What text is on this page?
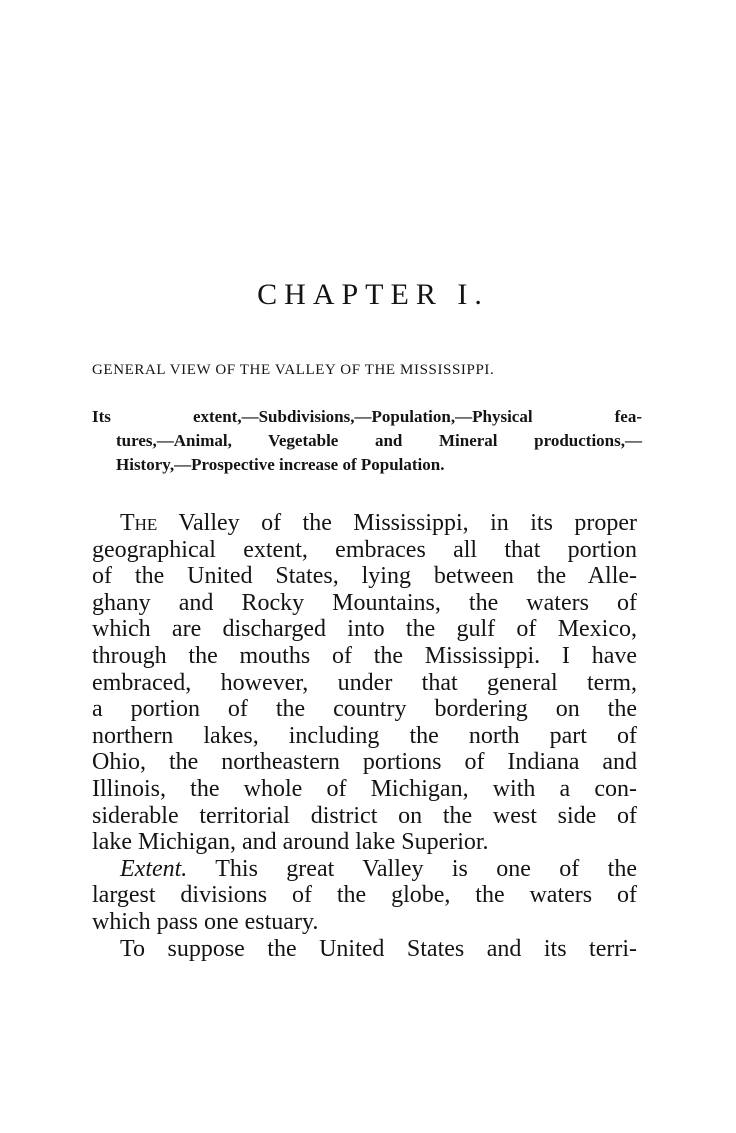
CHAPTER I.
GENERAL VIEW OF THE VALLEY OF THE MISSISSIPPI.
Its extent,—Subdivisions,—Population,—Physical fea-
tures,—Animal, Vegetable and Mineral productions,—
History,—Prospective increase of Population.
The Valley of the Mississippi, in its proper
geographical extent, embraces all that portion
of the United States, lying between the Alle-
ghany and Rocky Mountains, the waters of
which are discharged into the gulf of Mexico,
through the mouths of the Mississippi. I have
embraced, however, under that general term,
a portion of the country bordering on the
northern lakes, including the north part of
Ohio, the northeastern portions of Indiana and
Illinois, the whole of Michigan, with a con-
siderable territorial district on the west side of
lake Michigan, and around lake Superior.
Extent. This great Valley is one of the
largest divisions of the globe, the waters of
which pass one estuary.
To suppose the United States and its terri-
